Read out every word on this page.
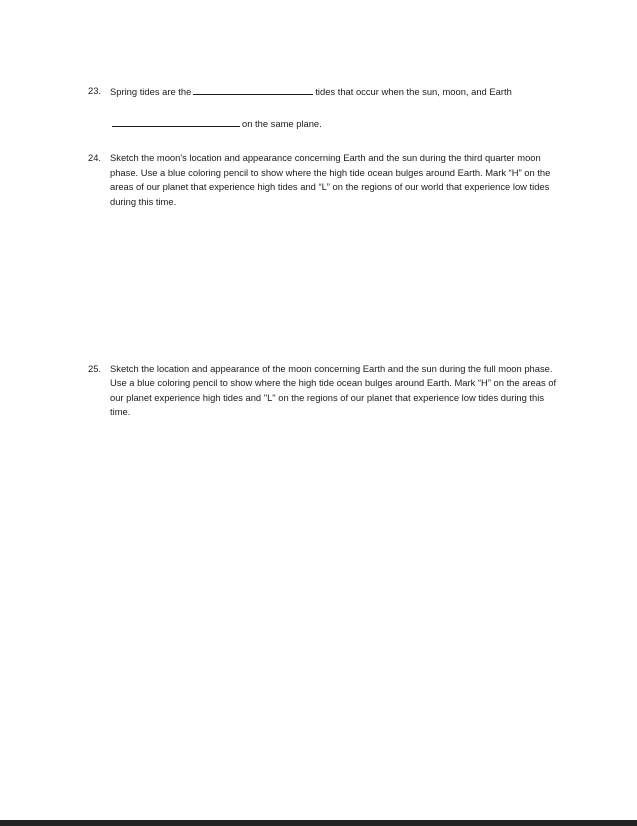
23. Spring tides are the	tides that occur when the sun, moon, and Earth
on the same plane.
24. Sketch the moon's location and appearance concerning Earth and the sun during the third quarter moon phase. Use a blue coloring pencil to show where the high tide ocean bulges around Earth. Mark “H” on the areas of our planet that experience high tides and “L” on the regions of our world that experience low tides during this time.
25. Sketch the location and appearance of the moon concerning Earth and the sun during the full moon phase. Use a blue coloring pencil to show where the high tide ocean bulges around Earth. Mark “H” on the areas of our planet experience high tides and "L" on the regions of our planet that experience low tides during this time.
